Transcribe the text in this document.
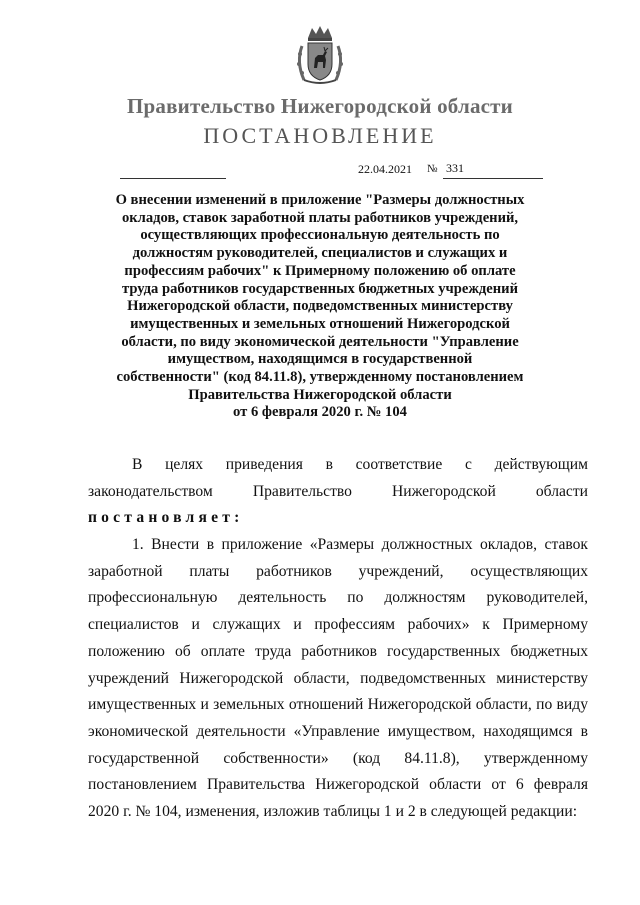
Правительство Нижегородской области
ПОСТАНОВЛЕНИЕ
22.04.2021 № 331
О внесении изменений в приложение "Размеры должностных
окладов, ставок заработной платы работников учреждений,
осуществляющих профессиональную деятельность по
должностям руководителей, специалистов и служащих и
профессиям рабочих" к Примерному положению об оплате
труда работников государственных бюджетных учреждений
Нижегородской области, подведомственных министерству
имущественных и земельных отношений Нижегородской
области, по виду экономической деятельности "Управление
имуществом, находящимся в государственной
собственности" (код 84.11.8), утвержденному постановлением
Правительства Нижегородской области
от 6 февраля 2020 г. № 104
В целях приведения в соответствие с действующим
законодательством Правительство Нижегородской области
постановляет:
1. Внести в приложение «Размеры должностных окладов, ставок
заработной платы работников учреждений, осуществляющих
профессиональную деятельность по должностям руководителей,
специалистов и служащих и профессиям рабочих» к Примерному
положению об оплате труда работников государственных бюджетных
учреждений Нижегородской области, подведомственных министерству
имущественных и земельных отношений Нижегородской области, по виду
экономической деятельности «Управление имуществом, находящимся в
государственной собственности» (код 84.11.8), утвержденному
постановлением Правительства Нижегородской области от 6 февраля
2020 г. № 104, изменения, изложив таблицы 1 и 2 в следующей редакции:
